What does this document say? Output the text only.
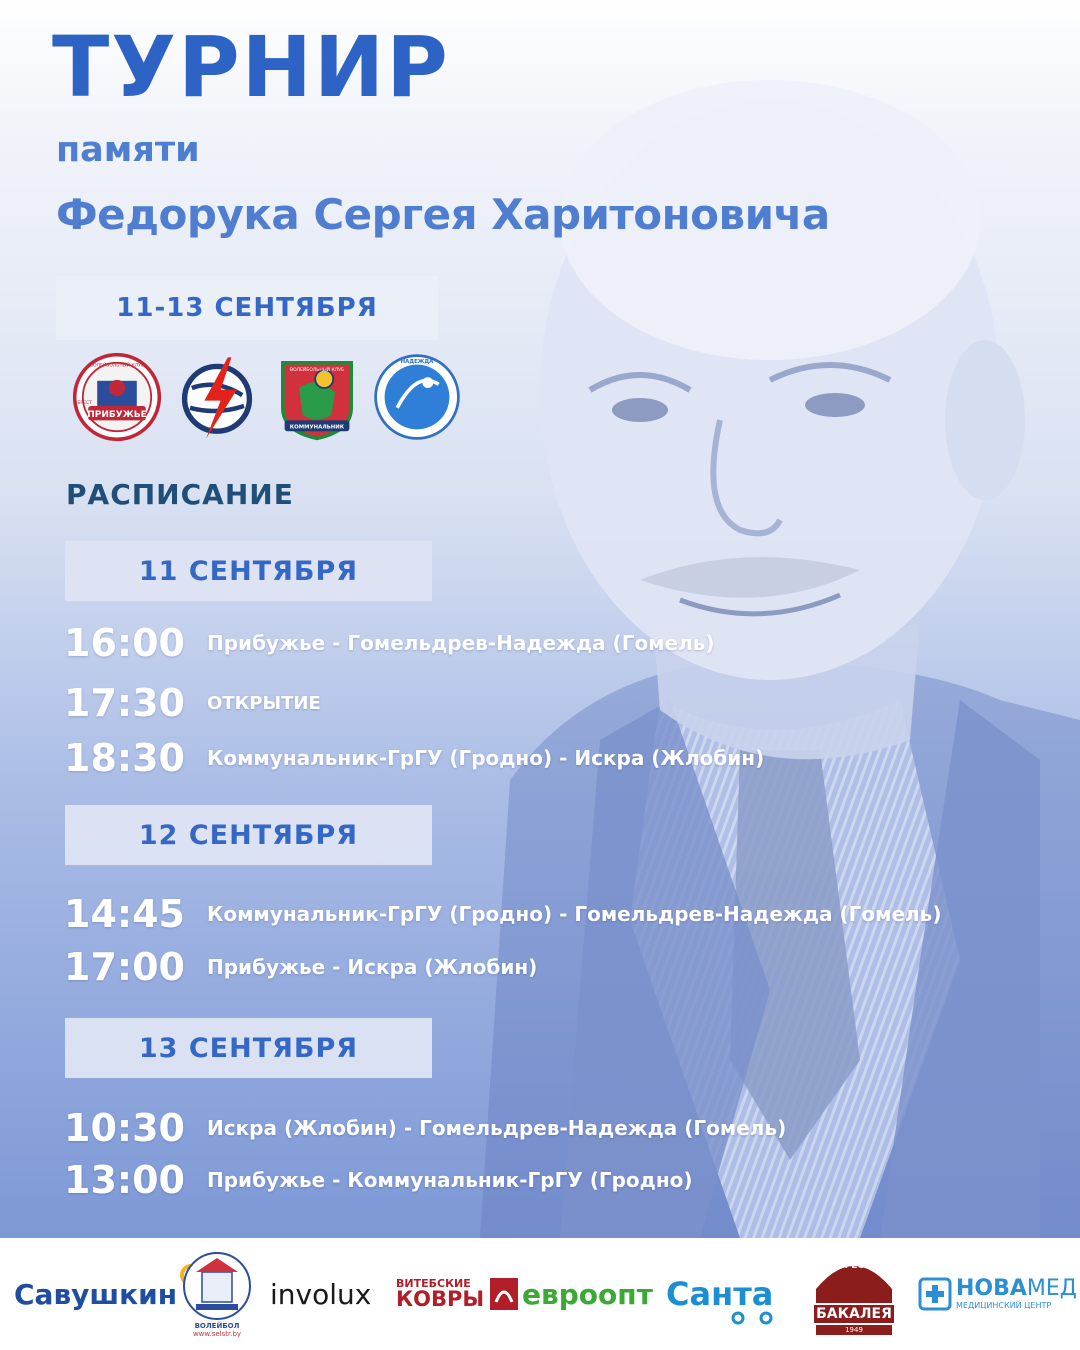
ТУРНИР
памяти
Федорука Сергея Харитоновича
11-13 СЕНТЯБРЯ
ПРИБУЖЬЕ
ВОЛЕЙБОЛЬНЫЙ КЛУБ
БРЕСТ
КОММУНАЛЬНИК
ВОЛЕЙБОЛЬНЫЙ КЛУБ
НАДЕЖДА
РАСПИСАНИЕ
11 СЕНТЯБРЯ
16:00	Прибужье - Гомельдрев-Надежда (Гомель)
17:30	ОТКРЫТИЕ
18:30	Коммунальник-ГрГУ (Гродно) - Искра (Жлобин)
12 СЕНТЯБРЯ
14:45	Коммунальник-ГрГУ (Гродно) - Гомельдрев-Надежда (Гомель)
17:00	Прибужье - Искра (Жлобин)
13 СЕНТЯБРЯ
10:30	Искра (Жлобин) - Гомельдрев-Надежда (Гомель)
13:00	Прибужье - Коммунальник-ГрГУ (Гродно)
Савушкин
ВОЛЕЙБОЛ
www.selstr.by
involux ВИТЕБСКИЕ
КОВРЫ евроопт Санта
БРЕСТ
БАКАЛЕЯ
1949
НОВАМЕД
МЕДИЦИНСКИЙ ЦЕНТР
